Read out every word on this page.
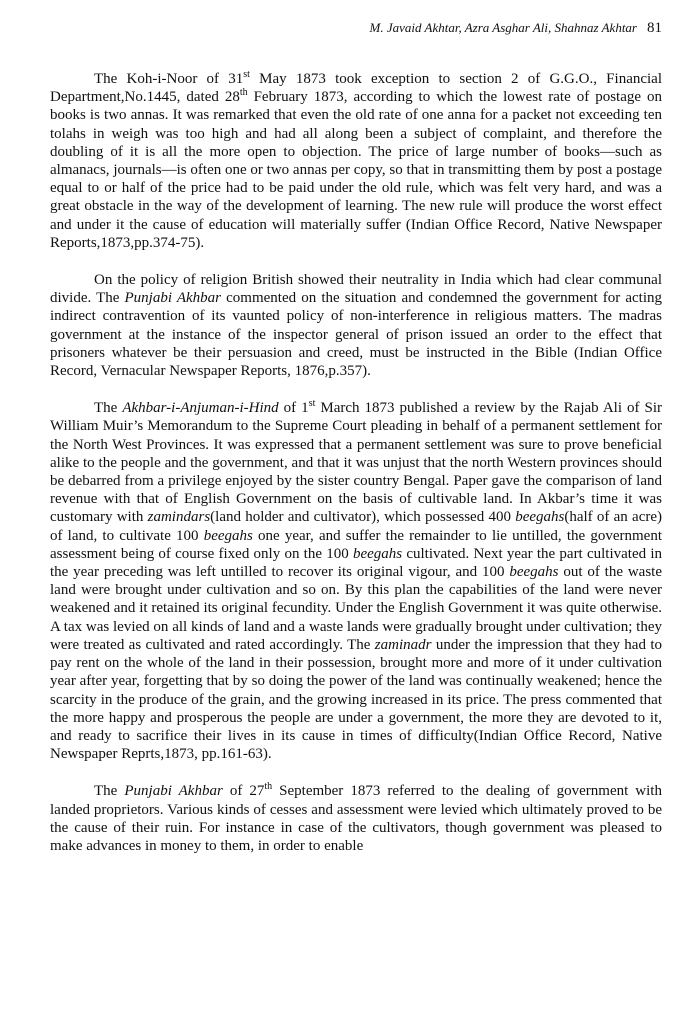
M. Javaid Akhtar, Azra Asghar Ali, Shahnaz Akhtar 81

The Koh-i-Noor of 31st May 1873 took exception to section 2 of G.G.O., Financial Department,No.1445, dated 28th February 1873, according to which the lowest rate of postage on books is two annas. It was remarked that even the old rate of one anna for a packet not exceeding ten tolahs in weigh was too high and had all along been a subject of complaint, and therefore the doubling of it is all the more open to objection. The price of large number of books—such as almanacs, journals—is often one or two annas per copy, so that in transmitting them by post a postage equal to or half of the price had to be paid under the old rule, which was felt very hard, and was a great obstacle in the way of the development of learning. The new rule will produce the worst effect and under it the cause of education will materially suffer (Indian Office Record, Native Newspaper Reports,1873,pp.374-75).

On the policy of religion British showed their neutrality in India which had clear communal divide. The Punjabi Akhbar commented on the situation and condemned the government for acting indirect contravention of its vaunted policy of non-interference in religious matters. The madras government at the instance of the inspector general of prison issued an order to the effect that prisoners whatever be their persuasion and creed, must be instructed in the Bible (Indian Office Record, Vernacular Newspaper Reports, 1876,p.357).

The Akhbar-i-Anjuman-i-Hind of 1st March 1873 published a review by the Rajab Ali of Sir William Muir’s Memorandum to the Supreme Court pleading in behalf of a permanent settlement for the North West Provinces. It was expressed that a permanent settlement was sure to prove beneficial alike to the people and the government, and that it was unjust that the north Western provinces should be debarred from a privilege enjoyed by the sister country Bengal. Paper gave the comparison of land revenue with that of English Government on the basis of cultivable land. In Akbar’s time it was customary with zamindars(land holder and cultivator), which possessed 400 beegahs(half of an acre) of land, to cultivate 100 beegahs one year, and suffer the remainder to lie untilled, the government assessment being of course fixed only on the 100 beegahs cultivated. Next year the part cultivated in the year preceding was left untilled to recover its original vigour, and 100 beegahs out of the waste land were brought under cultivation and so on. By this plan the capabilities of the land were never weakened and it retained its original fecundity. Under the English Government it was quite otherwise. A tax was levied on all kinds of land and a waste lands were gradually brought under cultivation; they were treated as cultivated and rated accordingly. The zaminadr under the impression that they had to pay rent on the whole of the land in their possession, brought more and more of it under cultivation year after year, forgetting that by so doing the power of the land was continually weakened; hence the scarcity in the produce of the grain, and the growing increased in its price. The press commented that the more happy and prosperous the people are under a government, the more they are devoted to it, and ready to sacrifice their lives in its cause in times of difficulty(Indian Office Record, Native Newspaper Reprts,1873, pp.161-63).

The Punjabi Akhbar of 27th September 1873 referred to the dealing of government with landed proprietors. Various kinds of cesses and assessment were levied which ultimately proved to be the cause of their ruin. For instance in case of the cultivators, though government was pleased to make advances in money to them, in order to enable
